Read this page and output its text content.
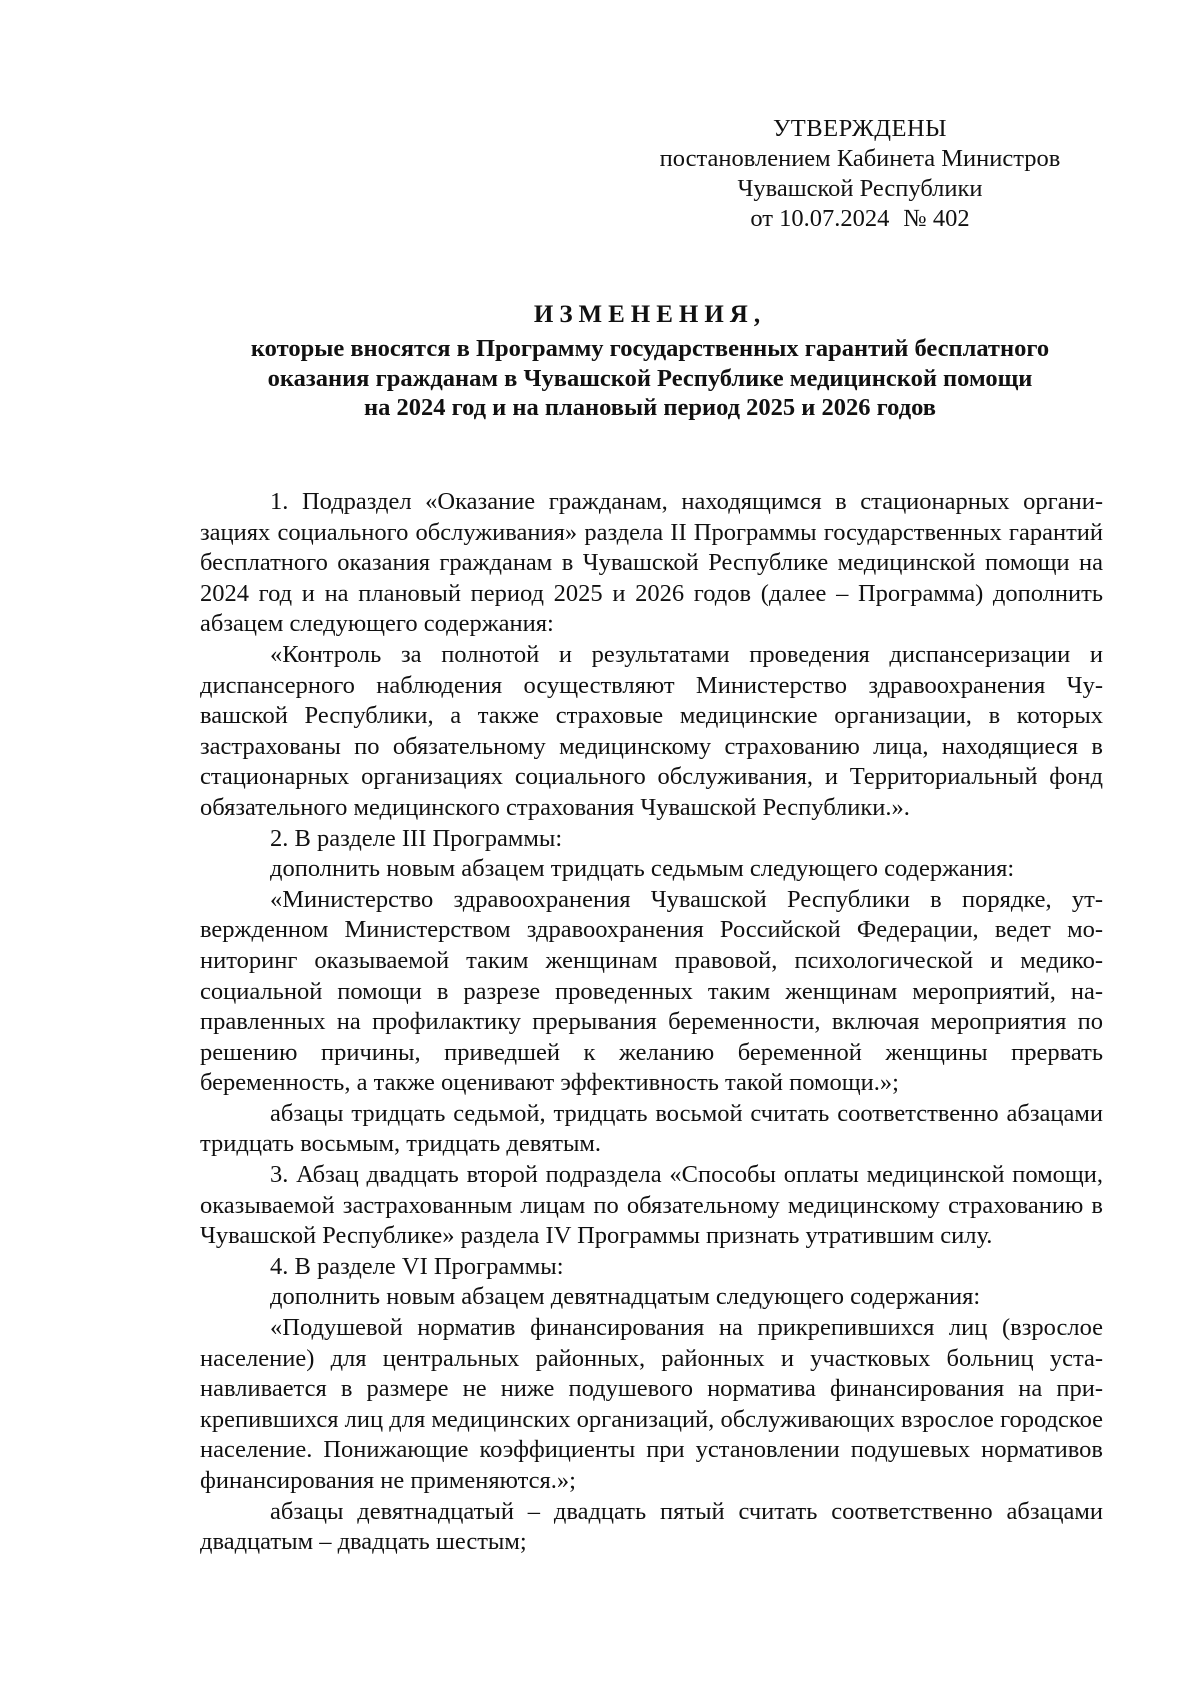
УТВЕРЖДЕНЫ
постановлением Кабинета Министров
Чувашской Республики
от 10.07.2024 № 402
ИЗМЕНЕНИЯ,
которые вносятся в Программу государственных гарантий бесплатного
оказания гражданам в Чувашской Республике медицинской помощи
на 2024 год и на плановый период 2025 и 2026 годов

1. Подраздел «Оказание гражданам, находящимся в стационарных организациях социального обслуживания» раздела II Программы государственных гарантий бесплатного оказания гражданам в Чувашской Республике медицинской помощи на 2024 год и на плановый период 2025 и 2026 годов (далее – Программа) дополнить абзацем следующего содержания:

«Контроль за полнотой и результатами проведения диспансеризации и диспансерного наблюдения осуществляют Министерство здравоохранения Чувашской Республики, а также страховые медицинские организации, в которых застрахованы по обязательному медицинскому страхованию лица, находящиеся в стационарных организациях социального обслуживания, и Территориальный фонд обязательного медицинского страхования Чувашской Республики.».

2. В разделе III Программы:

дополнить новым абзацем тридцать седьмым следующего содержания:

«Министерство здравоохранения Чувашской Республики в порядке, утвержденном Министерством здравоохранения Российской Федерации, ведет мониторинг оказываемой таким женщинам правовой, психологической и медико-социальной помощи в разрезе проведенных таким женщинам мероприятий, направленных на профилактику прерывания беременности, включая мероприятия по решению причины, приведшей к желанию беременной женщины прервать беременность, а также оценивают эффективность такой помощи.»;

абзацы тридцать седьмой, тридцать восьмой считать соответственно абзацами тридцать восьмым, тридцать девятым.

3. Абзац двадцать второй подраздела «Способы оплаты медицинской помощи, оказываемой застрахованным лицам по обязательному медицинскому страхованию в Чувашской Республике» раздела IV Программы признать утратившим силу.

4. В разделе VI Программы:

дополнить новым абзацем девятнадцатым следующего содержания:

«Подушевой норматив финансирования на прикрепившихся лиц (взрослое население) для центральных районных, районных и участковых больниц устанавливается в размере не ниже подушевого норматива финансирования на прикрепившихся лиц для медицинских организаций, обслуживающих взрослое городское население. Понижающие коэффициенты при установлении подушевых нормативов финансирования не применяются.»;

абзацы девятнадцатый – двадцать пятый считать соответственно абзацами двадцатым – двадцать шестым;
